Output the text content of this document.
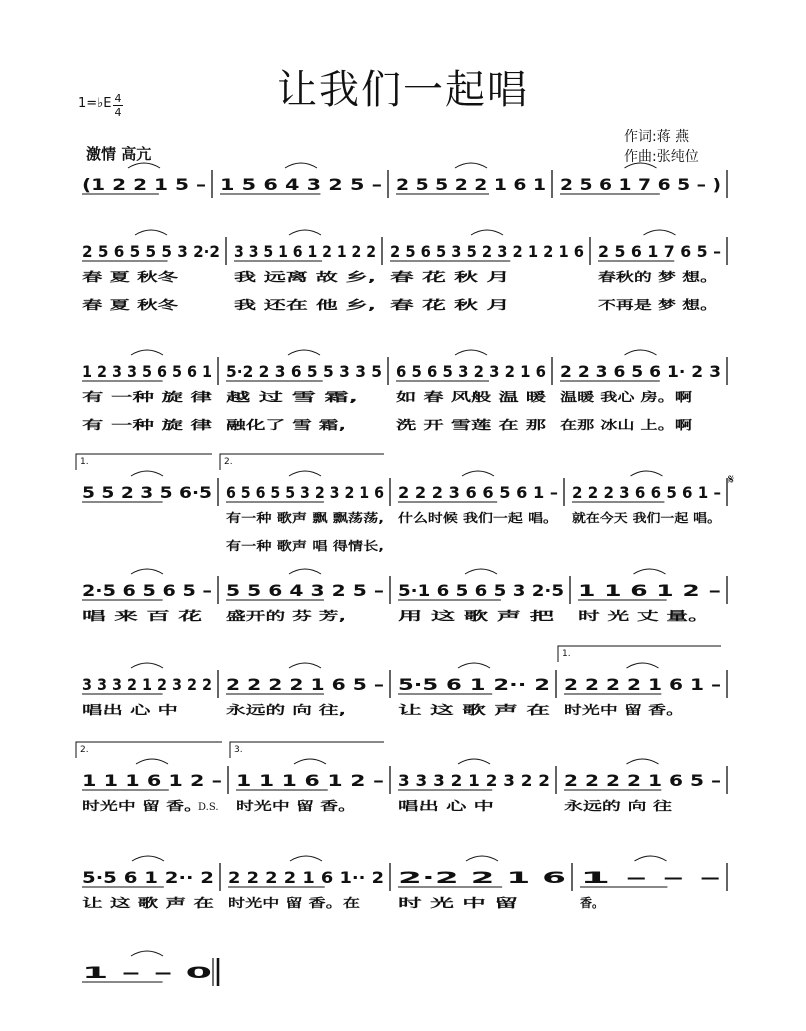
让我们一起唱
1=♭E 4
4
激情 高亢
作词:蒋 燕
作曲:张纯位
(1 2 2 1 5 – 1 5 6 4 3 2 5 – 2 5 5 2 2 1 6 1 2 5 6 1 7 6 5 – )
2 5 6 5 5 5 3 2·2
春 夏 秋冬
春 夏 秋冬
3 3 5 1 6 1 2 1 2 2
我 远离 故 乡,
我 还在 他 乡,
2 5 6 5 3 5 2 3 2 1 2 1 6
春 花 秋 月
春 花 秋 月
2 5 6 1 7 6 5 –
春秋的 梦 想。
不再是 梦 想。
1 2 3 3 5 6 5 6 1
有 一种 旋 律
有 一种 旋 律
5·2 2 3 6 5 5 3 3 5
越 过 雪 霜,
融化了 雪 霜,
6 5 6 5 3 2 3 2 1 6
如 春 风般 温 暖
洗 开 雪莲 在 那
2 2 3 6 5 6 1· 2 3
温暖 我心 房。啊
在那 冰山 上。啊
5 5 2 3 5 6·5
1.
6 5 6 5 5 3 2 3 2 1 6
有一种 歌声 飘 飘荡荡,
有一种 歌声 唱 得情长,
2.
2 2 2 3 6 6 5 6 1 –
什么时候 我们一起 唱。
2 2 2 3 6 6 5 6 1 –
就在今天 我们一起 唱。
2·5 6 5 6 5 –
唱 来 百 花
5 5 6 4 3 2 5 –
盛开的 芬 芳,
5·1 6 5 6 5 3 2·5
用 这 歌 声 把
1 1 6 1 2 –
时 光 丈 量。
3 3 3 2 1 2 3 2 2
唱出 心 中
2 2 2 2 1 6 5 –
永远的 向 往,
5·5 6 1 2·· 2
让 这 歌 声 在
2 2 2 2 1 6 1 –
时光中 留 香。
1.
1 1 1 6 1 2 –
时光中 留 香。
2.
1 1 1 6 1 2 –
时光中 留 香。
3.
3 3 3 2 1 2 3 2 2
唱出 心 中
2 2 2 2 1 6 5 –
永远的 向 往
D.S.
5·5 6 1 2·· 2
让 这 歌 声 在
2 2 2 2 1 6 1·· 2
时光中 留 香。在
2·2 2 1 6
时 光 中 留
1 – – –
香。
1 – – 0
𝄋
